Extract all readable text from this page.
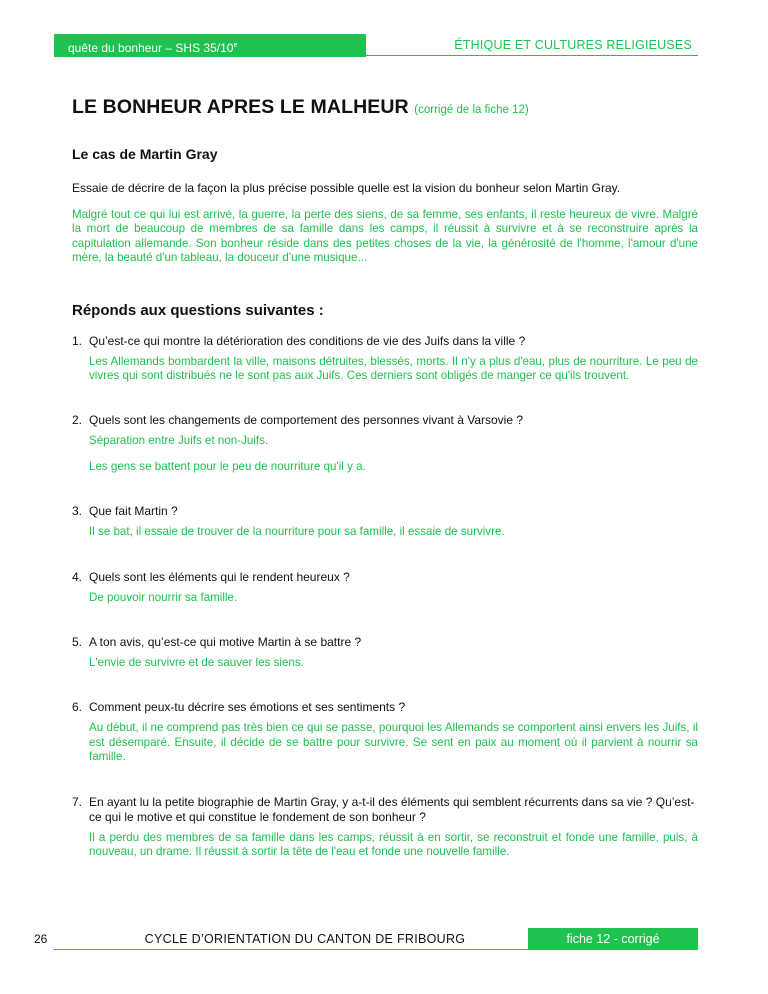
quête du bonheur – SHS 35/10e	ÉTHIQUE ET CULTURES RELIGIEUSES
LE BONHEUR APRES LE MALHEUR (corrigé de la fiche 12)
Le cas de Martin Gray

Essaie de décrire de la façon la plus précise possible quelle est la vision du bonheur selon Martin Gray.

Malgré tout ce qui lui est arrivé, la guerre, la perte des siens, de sa femme, ses enfants, il reste heureux de vivre. Malgré la mort de beaucoup de membres de sa famille dans les camps, il réussit à survivre et à se reconstruire après la capitulation allemande. Son bonheur réside dans des petites choses de la vie, la générosité de l'homme, l'amour d'une mère, la beauté d'un tableau, la douceur d'une musique...

Réponds aux questions suivantes :
1. Qu’est-ce qui montre la détérioration des conditions de vie des Juifs dans la ville ?

Les Allemands bombardent la ville, maisons détruites, blessés, morts. Il n'y a plus d'eau, plus de nourriture. Le peu de vivres qui sont distribués ne le sont pas aux Juifs. Ces derniers sont obligés de manger ce qu'ils trouvent.

2. Quels sont les changements de comportement des personnes vivant à Varsovie ?

Séparation entre Juifs et non-Juifs.

Les gens se battent pour le peu de nourriture qu'il y a.

3. Que fait Martin ?

Il se bat, il essaie de trouver de la nourriture pour sa famille, il essaie de survivre.

4. Quels sont les éléments qui le rendent heureux ?

De pouvoir nourrir sa famille.

5. A ton avis, qu’est-ce qui motive Martin à se battre ?

L'envie de survivre et de sauver les siens.

6. Comment peux-tu décrire ses émotions et ses sentiments ?

Au début, il ne comprend pas très bien ce qui se passe, pourquoi les Allemands se comportent ainsi envers les Juifs, il est désemparé. Ensuite, il décide de se battre pour survivre. Se sent en paix au moment où il parvient à nourrir sa famille.

7. En ayant lu la petite biographie de Martin Gray, y a-t-il des éléments qui semblent récurrents dans sa vie ? Qu’est-ce qui le motive et qui constitue le fondement de son bonheur ?

Il a perdu des membres de sa famille dans les camps, réussit à en sortir, se reconstruit et fonde une famille, puis, à nouveau, un drame. Il réussit à sortir la tête de l'eau et fonde une nouvelle famille.

26	CYCLE D’ORIENTATION DU CANTON DE FRIBOURG	fiche 12 - corrigé
